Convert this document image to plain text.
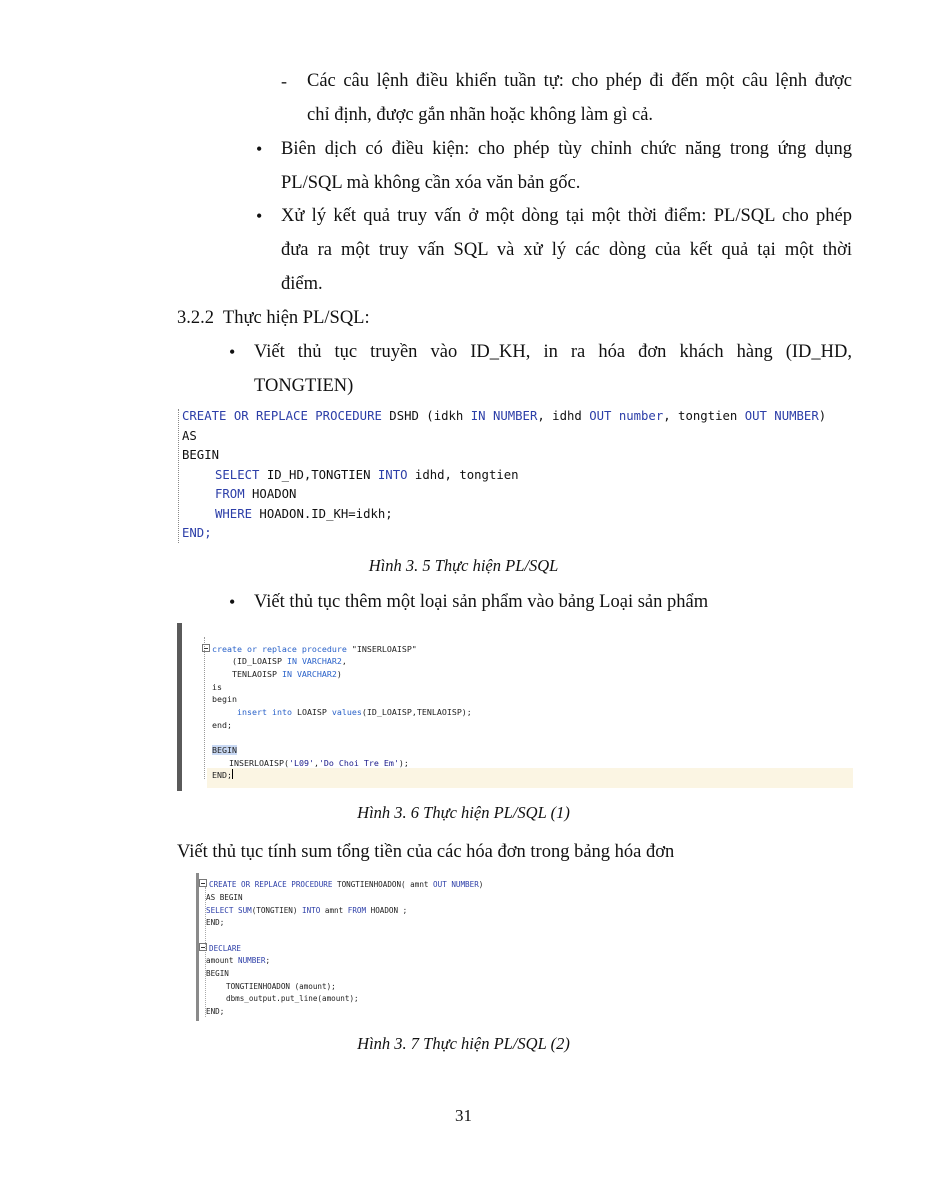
- Các câu lệnh điều khiển tuần tự: cho phép đi đến một câu lệnh được
chỉ định, được gắn nhãn hoặc không làm gì cả.
• Biên dịch có điều kiện: cho phép tùy chỉnh chức năng trong ứng dụng
PL/SQL mà không cần xóa văn bản gốc.
• Xử lý kết quả truy vấn ở một dòng tại một thời điểm: PL/SQL cho phép
đưa ra một truy vấn SQL và xử lý các dòng của kết quả tại một thời
điểm.
3.2.2  Thực hiện PL/SQL:
• Viết thủ tục truyền vào ID_KH, in ra hóa đơn khách hàng (ID_HD,
TONGTIEN)
CREATE OR REPLACE PROCEDURE DSHD (idkh IN NUMBER, idhd OUT number, tongtien OUT NUMBER)
AS
BEGIN
SELECT ID_HD,TONGTIEN INTO idhd, tongtien
FROM HOADON
WHERE HOADON.ID_KH=idkh;
END;
Hình 3. 5 Thực hiện PL/SQL
• Viết thủ tục thêm một loại sản phẩm vào bảng Loại sản phẩm
create or replace procedure "INSERLOAISP"
(ID_LOAISP IN VARCHAR2,
TENLAOISP IN VARCHAR2)
is
begin
insert into LOAISP values(ID_LOAISP,TENLAOISP);
end;
BEGIN
INSERLOAISP('L09','Do Choi Tre Em');
END;
Hình 3. 6 Thực hiện PL/SQL (1)
Viết thủ tục tính sum tổng tiền của các hóa đơn trong bảng hóa đơn
CREATE OR REPLACE PROCEDURE TONGTIENHOADON( amnt OUT NUMBER)
AS BEGIN
SELECT SUM(TONGTIEN) INTO amnt FROM HOADON ;
END;
DECLARE
amount NUMBER;
BEGIN
TONGTIENHOADON (amount);
dbms_output.put_line(amount);
END;
Hình 3. 7 Thực hiện PL/SQL (2)
31
